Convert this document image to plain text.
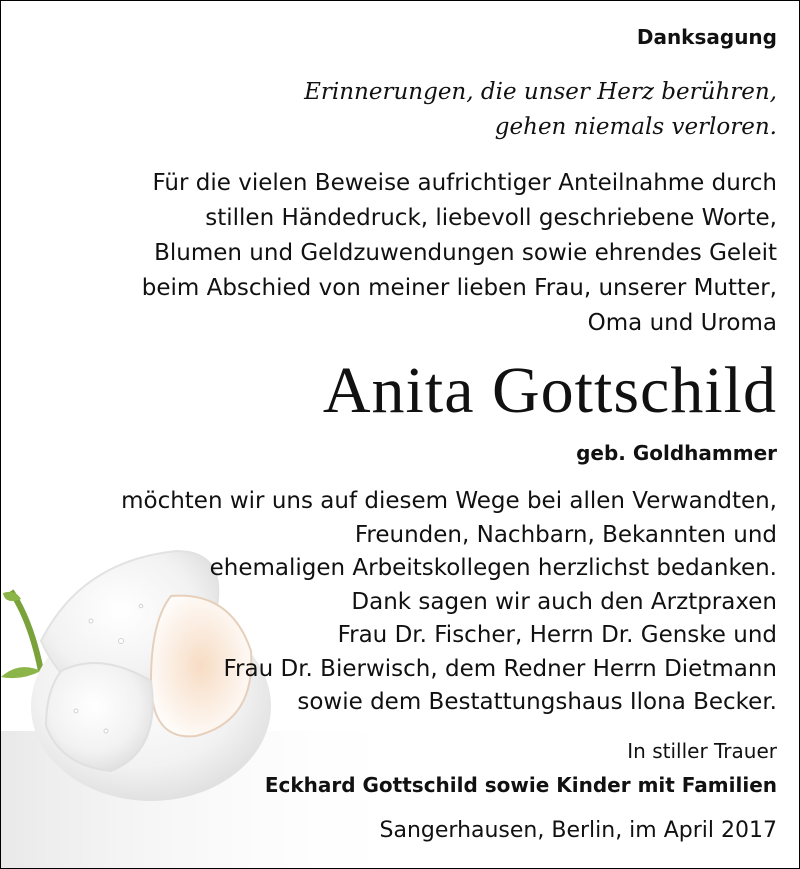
Danksagung
Erinnerungen, die unser Herz berühren,
gehen niemals verloren.
Für die vielen Beweise aufrichtiger Anteilnahme durch
stillen Händedruck, liebevoll geschriebene Worte,
Blumen und Geldzuwendungen sowie ehrendes Geleit
beim Abschied von meiner lieben Frau, unserer Mutter,
Oma und Uroma
Anita Gottschild
geb. Goldhammer
möchten wir uns auf diesem Wege bei allen Verwandten,
Freunden, Nachbarn, Bekannten und
ehemaligen Arbeitskollegen herzlichst bedanken.
Dank sagen wir auch den Arztpraxen
Frau Dr. Fischer, Herrn Dr. Genske und
Frau Dr. Bierwisch, dem Redner Herrn Dietmann
sowie dem Bestattungshaus Ilona Becker.
In stiller Trauer
Eckhard Gottschild sowie Kinder mit Familien
Sangerhausen, Berlin, im April 2017
